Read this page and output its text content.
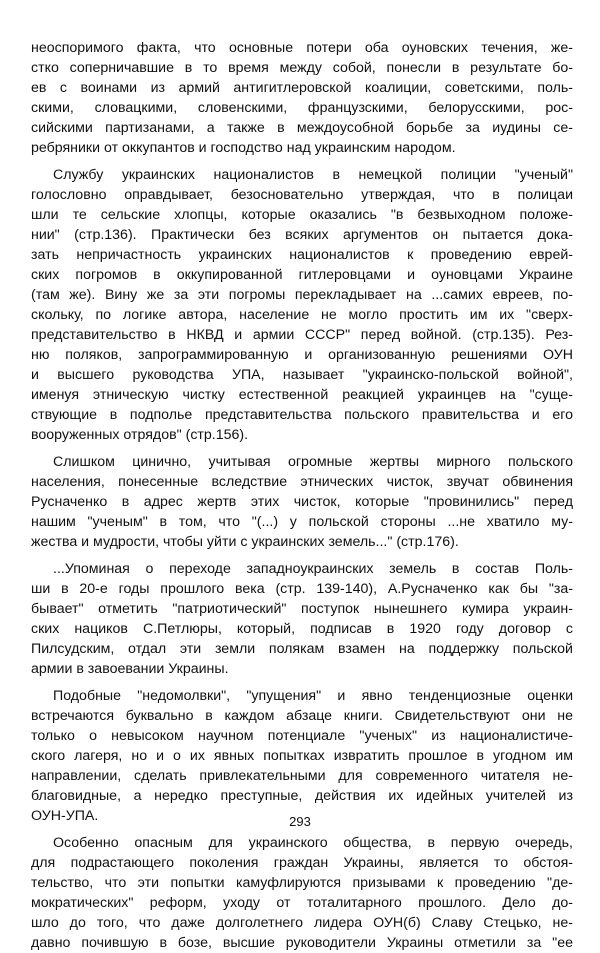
неоспоримого факта, что основные потери оба оуновских течения, же-
стко соперничавшие в то время между собой, понесли в результате бо-
ев с воинами из армий антигитлеровской коалиции, советскими, поль-
скими, словацкими, словенскими, французскими, белорусскими, рос-
сийскими партизанами, а также в междоусобной борьбе за иудины се-
ребряники от оккупантов и господство над украинским народом.

Службу украинских националистов в немецкой полиции "ученый"
голословно оправдывает, безосновательно утверждая, что в полицаи
шли те сельские хлопцы, которые оказались "в безвыходном положе-
нии" (стр.136). Практически без всяких аргументов он пытается дока-
зать непричастность украинских националистов к проведению еврей-
ских погромов в оккупированной гитлеровцами и оуновцами Украине
(там же). Вину же за эти погромы перекладывает на ...самих евреев, по-
скольку, по логике автора, население не могло простить им их "сверх-
представительство в НКВД и армии СССР" перед войной. (стр.135). Рез-
ню поляков, запрограммированную и организованную решениями ОУН
и высшего руководства УПА, называет "украинско-польской войной",
именуя этническую чистку естественной реакцией украинцев на "суще-
ствующие в подполье представительства польского правительства и его
вооруженных отрядов" (стр.156).

Слишком цинично, учитывая огромные жертвы мирного польского
населения, понесенные вследствие этнических чисток, звучат обвинения
Русначенко в адрес жертв этих чисток, которые "провинились" перед
нашим "ученым" в том, что "(...) у польской стороны ...не хватило му-
жества и мудрости, чтобы уйти с украинских земель..." (стр.176).

...Упоминая о переходе западноукраинских земель в состав Поль-
ши в 20-е годы прошлого века (стр. 139-140), А.Русначенко как бы "за-
бывает" отметить "патриотический" поступок нынешнего кумира украин-
ских нациков С.Петлюры, который, подписав в 1920 году договор с
Пилсудским, отдал эти земли полякам взамен на поддержку польской
армии в завоевании Украины.

Подобные "недомолвки", "упущения" и явно тенденциозные оценки
встречаются буквально в каждом абзаце книги. Свидетельствуют они не
только о невысоком научном потенциале "ученых" из националистиче-
ского лагеря, но и о их явных попытках извратить прошлое в угодном им
направлении, сделать привлекательными для современного читателя не-
благовидные, а нередко преступные, действия их идейных учителей из
ОУН-УПА.

Особенно опасным для украинского общества, в первую очередь,
для подрастающего поколения граждан Украины, является то обстоя-
тельство, что эти попытки камуфлируются призывами к проведению "де-
мократических" реформ, уходу от тоталитарного прошлого. Дело до-
шло до того, что даже долголетнего лидера ОУН(б) Славу Стецько, не-
давно почившую в бозе, высшие руководители Украины отметили за "ее

293
